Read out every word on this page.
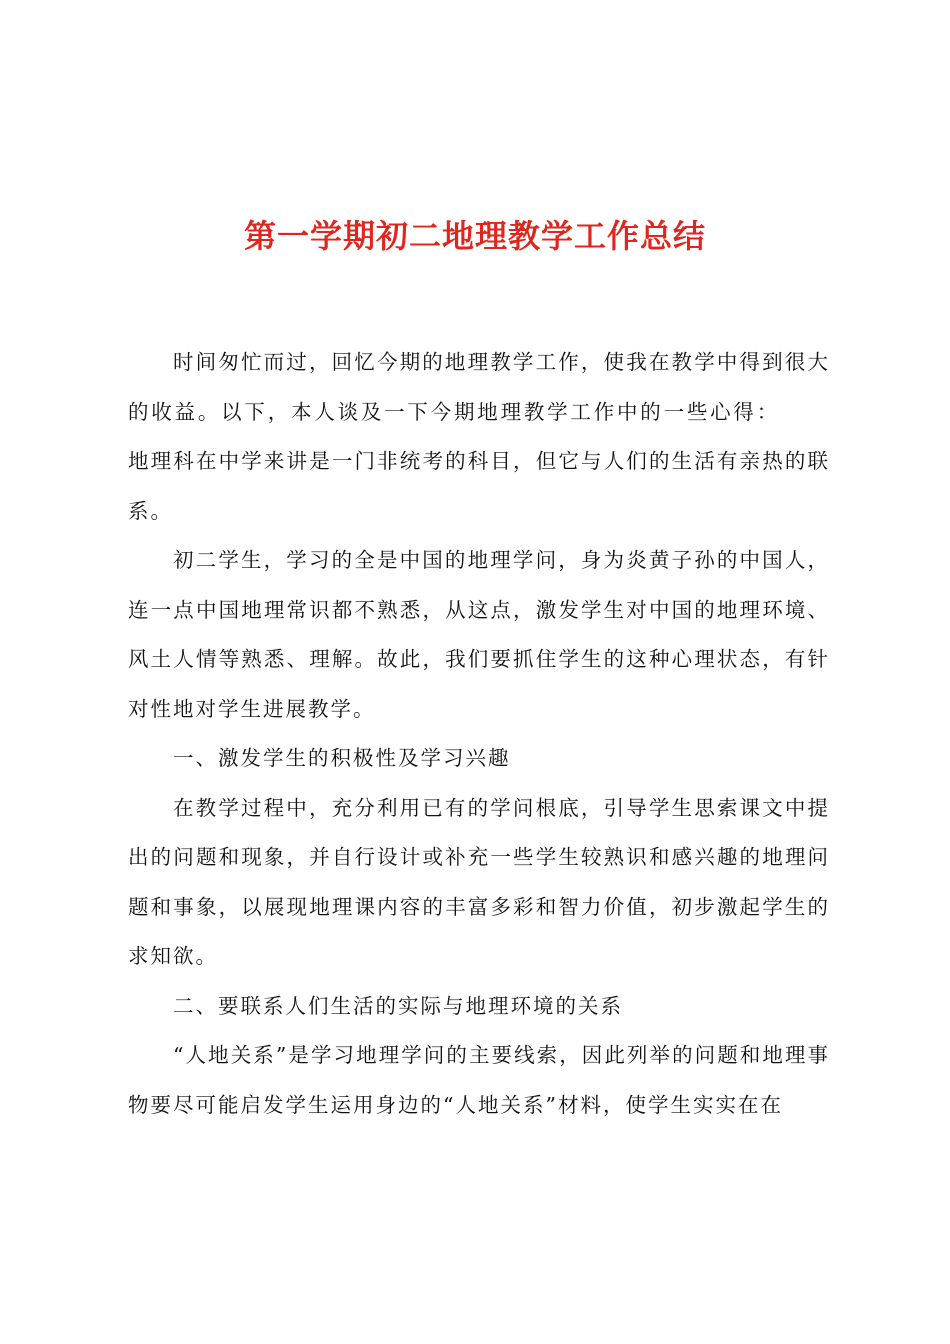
第一学期初二地理教学工作总结

时间匆忙而过，回忆今期的地理教学工作，使我在教学中得到很大的收益。以下，本人谈及一下今期地理教学工作中的一些心得：地理科在中学来讲是一门非统考的科目，但它与人们的生活有亲热的联系。

初二学生，学习的全是中国的地理学问，身为炎黄子孙的中国人，连一点中国地理常识都不熟悉，从这点，激发学生对中国的地理环境、风土人情等熟悉、理解。故此，我们要抓住学生的这种心理状态，有针对性地对学生进展教学。

一、激发学生的积极性及学习兴趣

在教学过程中，充分利用已有的学问根底，引导学生思索课文中提出的问题和现象，并自行设计或补充一些学生较熟识和感兴趣的地理问题和事象，以展现地理课内容的丰富多彩和智力价值，初步激起学生的求知欲。

二、要联系人们生活的实际与地理环境的关系

“人地关系”是学习地理学问的主要线索，因此列举的问题和地理事物要尽可能启发学生运用身边的“人地关系”材料，使学生实实在在
